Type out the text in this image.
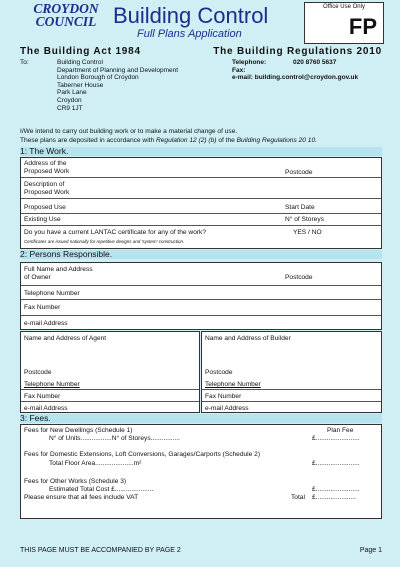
CROYDON
COUNCIL Building Control
Full Plans Application
Office Use Only
FP
The Building Act 1984	The Building Regulations 2010
To:	Building Control
Department of Planning and Development
London Borough of Croydon
Taberner House
Park Lane
Croydon
CR9 1JT
Telephone:	020 8760 5637
Fax:
e-mail: building.control@croydon.gov.uk
I/We intend to carry out building work or to make a material change of use.
These plans are deposited in accordance with Regulation 12 (2) (b) of the Building Regulations 20 10.
1: The Work.
Address of the
Proposed Work	Postcode
Description of
Proposed Work
Proposed Use	Start Date
Existing Use	N° of Storeys
Do you have a current LANTAC certificate for any of the work?	YES / NO
Certificates are issued nationally for repetitive designs and 'system' construction.
2: Persons Responsible.
Full Name and Address
of Owner	Postcode
Telephone Number
Fax Number
e-mail Address
Name and Address of Agent
Postcode
Telephone Number
Fax Number
e-mail Address
Name and Address of Builder
Postcode
Telephone Number
Fax Number
e-mail Address
3: Fees.
Fees for New Dwellings (Schedule 1)	Plan Fee
N° of Units.................N° of Storeys................	£........................
Fees for Domestic Extensions, Loft Conversions, Garages/Carports (Schedule 2)
Total Floor Area.....................m²	£........................
Fees for Other Works (Schedule 3)
Estimated Total Cost £.....................	£........................
Please ensure that all fees include VAT	Total £......................
THIS PAGE MUST BE ACCOMPANIED BY PAGE 2	Page 1
